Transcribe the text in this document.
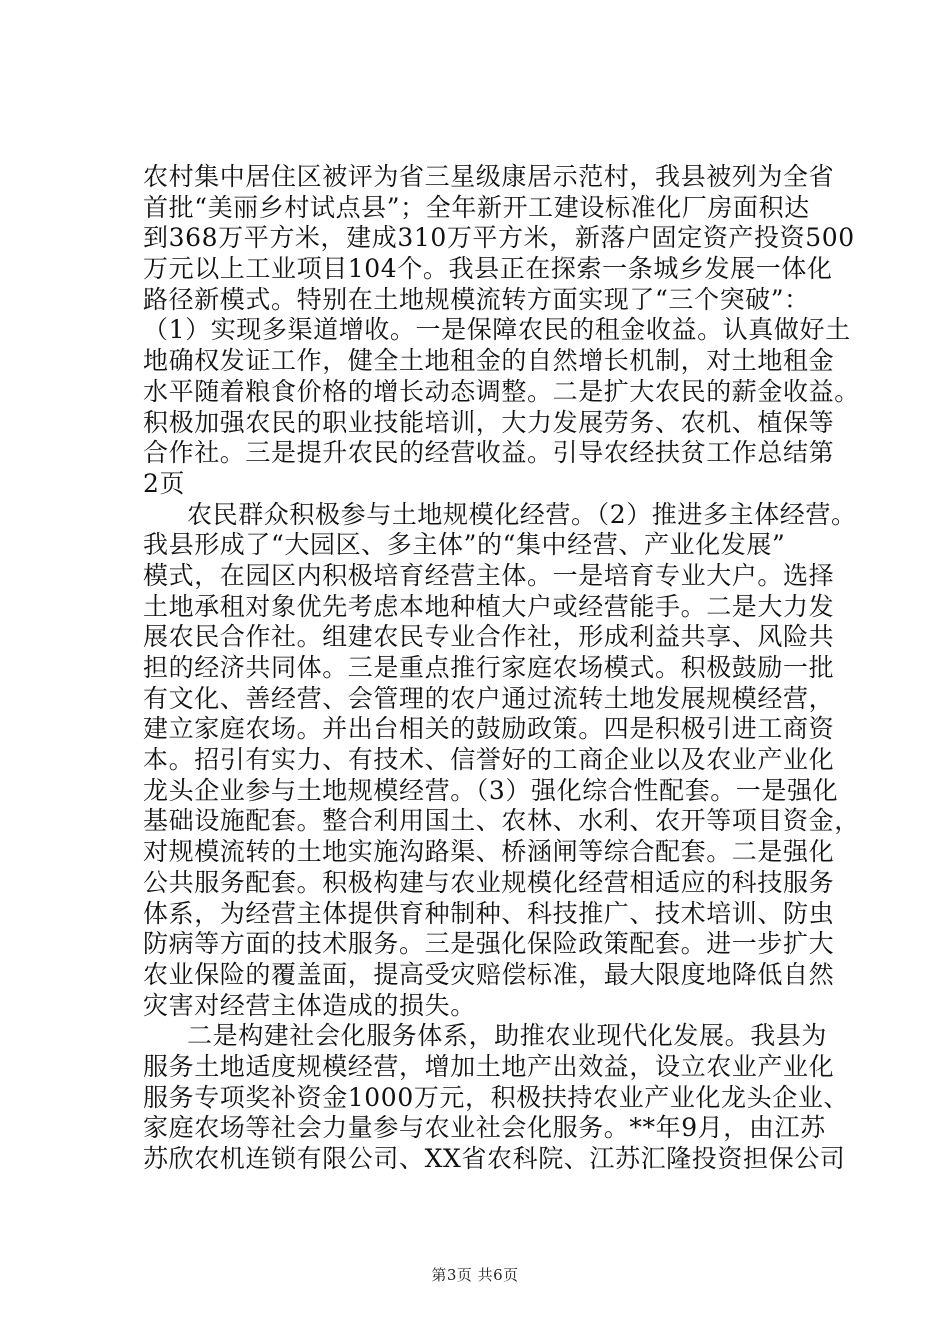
农村集中居住区被评为省三星级康居示范村，我县被列为全省
首批“美丽乡村试点县”；全年新开工建设标准化厂房面积达
到368万平方米，建成310万平方米，新落户固定资产投资500
万元以上工业项目104个。我县正在探索一条城乡发展一体化
路径新模式。特别在土地规模流转方面实现了“三个突破”：
（1）实现多渠道增收。一是保障农民的租金收益。认真做好土
地确权发证工作，健全土地租金的自然增长机制，对土地租金
水平随着粮食价格的增长动态调整。二是扩大农民的薪金收益。
积极加强农民的职业技能培训，大力发展劳务、农机、植保等
合作社。三是提升农民的经营收益。引导农经扶贫工作总结第
2页
农民群众积极参与土地规模化经营。（2）推进多主体经营。
我县形成了“大园区、多主体”的“集中经营、产业化发展”
模式，在园区内积极培育经营主体。一是培育专业大户。选择
土地承租对象优先考虑本地种植大户或经营能手。二是大力发
展农民合作社。组建农民专业合作社，形成利益共享、风险共
担的经济共同体。三是重点推行家庭农场模式。积极鼓励一批
有文化、善经营、会管理的农户通过流转土地发展规模经营，
建立家庭农场。并出台相关的鼓励政策。四是积极引进工商资
本。招引有实力、有技术、信誉好的工商企业以及农业产业化
龙头企业参与土地规模经营。（3）强化综合性配套。一是强化
基础设施配套。整合利用国土、农林、水利、农开等项目资金，
对规模流转的土地实施沟路渠、桥涵闸等综合配套。二是强化
公共服务配套。积极构建与农业规模化经营相适应的科技服务
体系，为经营主体提供育种制种、科技推广、技术培训、防虫
防病等方面的技术服务。三是强化保险政策配套。进一步扩大
农业保险的覆盖面，提高受灾赔偿标准，最大限度地降低自然
灾害对经营主体造成的损失。
二是构建社会化服务体系，助推农业现代化发展。我县为
服务土地适度规模经营，增加土地产出效益，设立农业产业化
服务专项奖补资金1000万元，积极扶持农业产业化龙头企业、
家庭农场等社会力量参与农业社会化服务。**年9月，由江苏
苏欣农机连锁有限公司、XX省农科院、江苏汇隆投资担保公司
第3页 共6页
